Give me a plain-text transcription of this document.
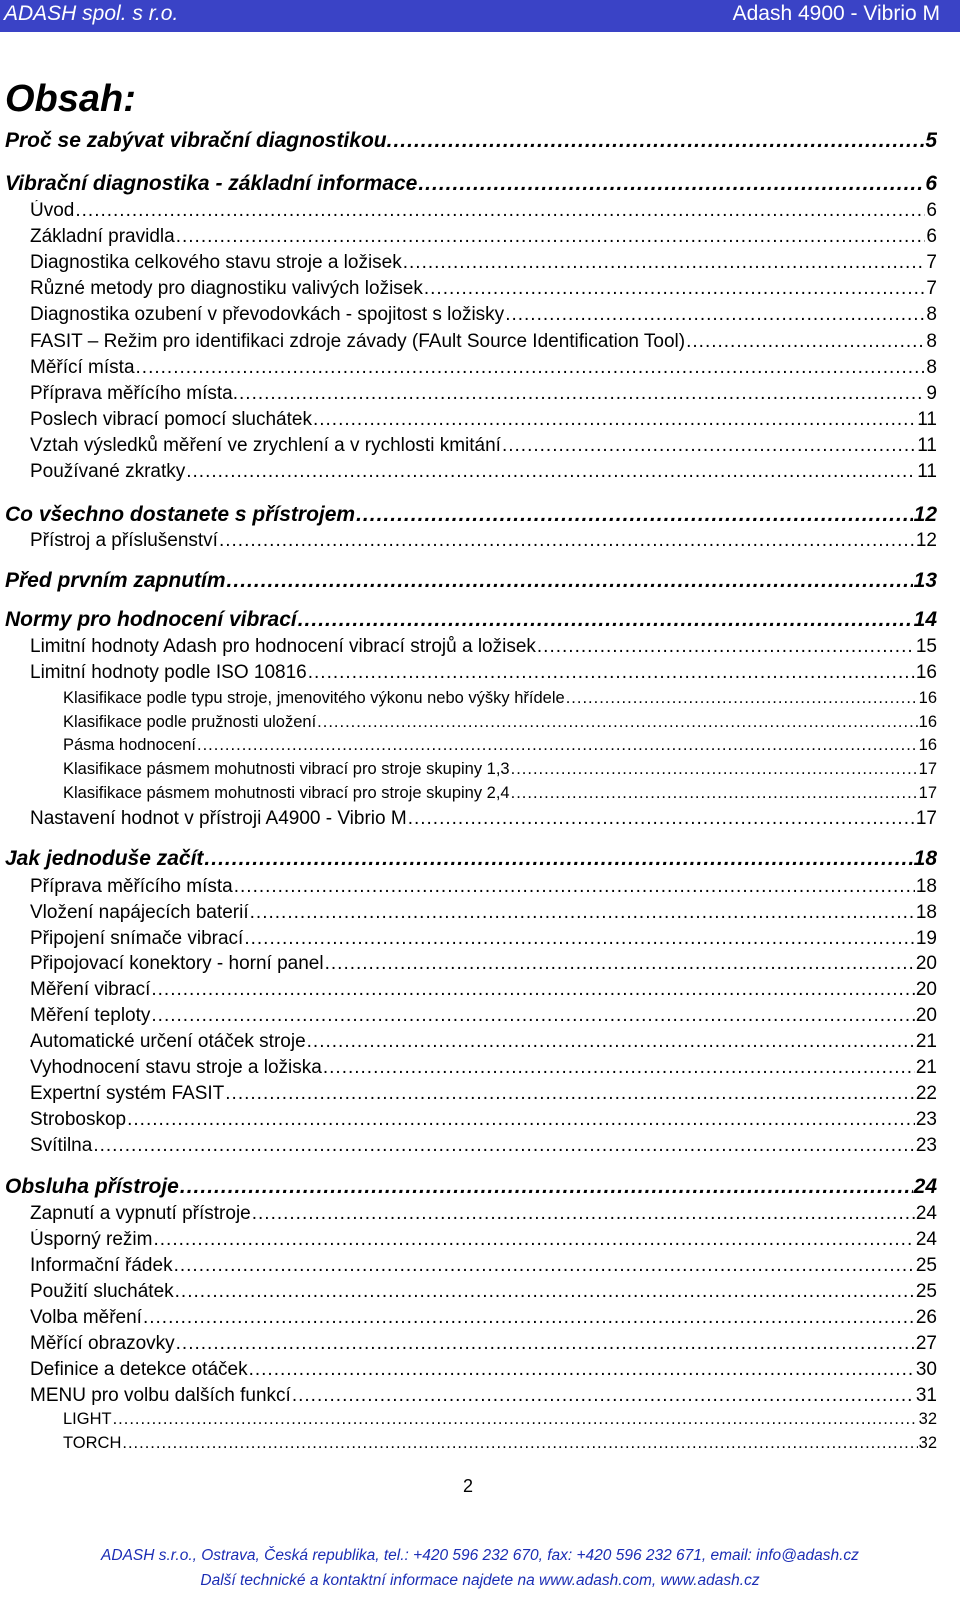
ADASH spol. s r.o.	Adash 4900 - Vibrio M
Obsah:
Proč se zabývat vibrační diagnostikou. .....	5
Vibrační diagnostika - základní informace .....	6
Úvod .....	6
Základní pravidla .....	6
Diagnostika celkového stavu stroje a ložisek .....	7
Různé metody pro diagnostiku valivých ložisek .....	7
Diagnostika ozubení v převodovkách - spojitost s ložisky .....	8
FASIT – Režim pro identifikaci zdroje závady (FAult Source Identification Tool) .....	8
Měřící místa .....	8
Příprava měřícího místa. .....	9
Poslech vibrací pomocí sluchátek .....	11
Vztah výsledků měření ve zrychlení a v rychlosti kmitání .....	11
Používané zkratky .....	11
Co všechno dostanete s přístrojem .....	12
Přístroj a příslušenství .....	12
Před prvním zapnutím .....	13
Normy pro hodnocení vibrací .....	14
Limitní hodnoty Adash pro hodnocení vibrací strojů a ložisek .....	15
Limitní hodnoty podle ISO 10816 .....	16
Klasifikace podle typu stroje, jmenovitého výkonu nebo výšky hřídele .....	16
Klasifikace podle pružnosti uložení .....	16
Pásma hodnocení .....	16
Klasifikace pásmem mohutnosti vibrací pro stroje skupiny 1,3 .....	17
Klasifikace pásmem mohutnosti vibrací pro stroje skupiny 2,4 .....	17
Nastavení hodnot v přístroji A4900 - Vibrio M .....	17
Jak jednoduše začít .....	18
Příprava měřícího místa .....	18
Vložení napájecích baterií .....	18
Připojení snímače vibrací .....	19
Připojovací konektory - horní panel .....	20
Měření vibrací .....	20
Měření teploty .....	20
Automatické určení otáček stroje .....	21
Vyhodnocení stavu stroje a ložiska .....	21
Expertní systém FASIT .....	22
Stroboskop .....	23
Svítilna .....	23
Obsluha přístroje .....	24
Zapnutí a vypnutí přístroje .....	24
Úsporný režim .....	24
Informační řádek .....	25
Použití sluchátek .....	25
Volba měření .....	26
Měřící obrazovky .....	27
Definice a detekce otáček .....	30
MENU pro volbu dalších funkcí .....	31
LIGHT .....	32
TORCH .....	32
2
ADASH s.r.o., Ostrava, Česká republika, tel.: +420 596 232 670, fax: +420 596 232 671, email: info@adash.cz
Další technické a kontaktní informace najdete na www.adash.com, www.adash.cz
